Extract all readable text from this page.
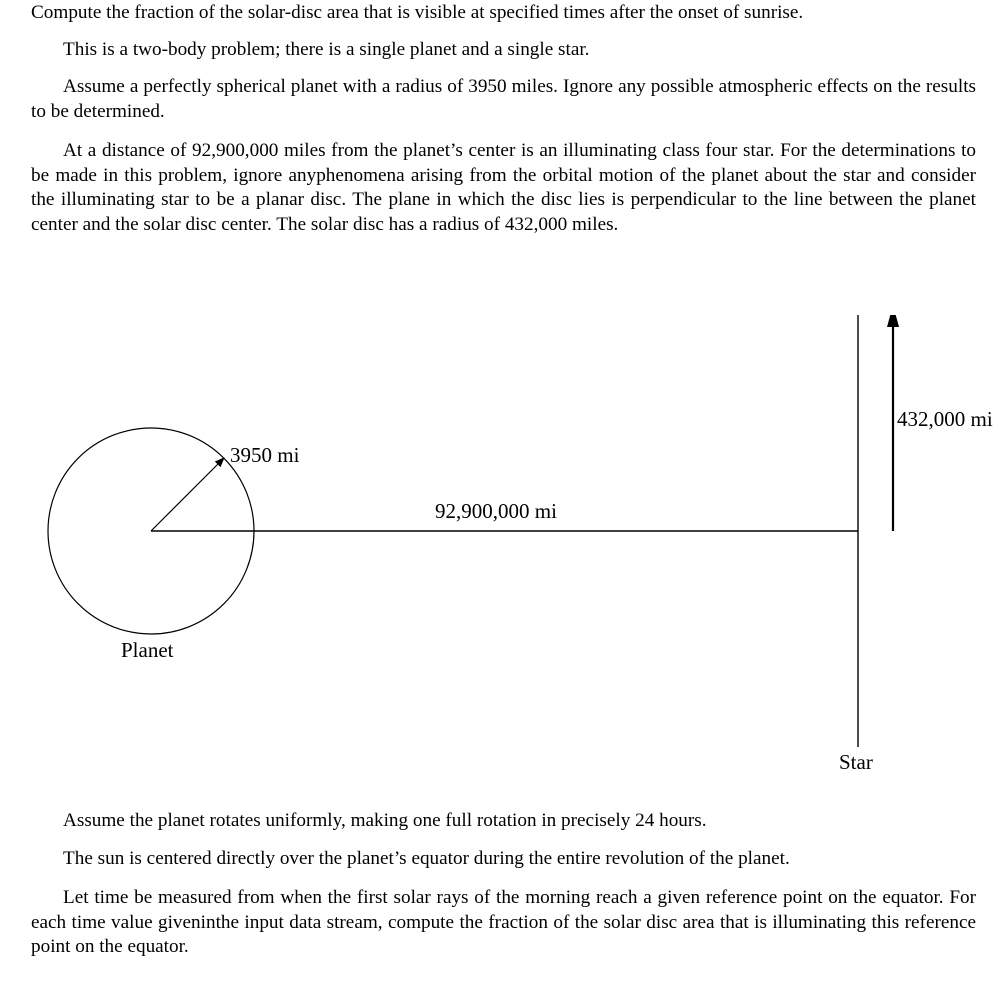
Compute the fraction of the solar-disc area that is visible at specified times after the onset of sunrise.

This is a two-body problem; there is a single planet and a single star.

Assume a perfectly spherical planet with a radius of 3950 miles. Ignore any possible atmospheric effects on the results to be determined.

At a distance of 92,900,000 miles from the planet’s center is an illuminating class four star. For the determinations to be made in this problem, ignore anyphenomena arising from the orbital motion of the planet about the star and consider the illuminating star to be a planar disc. The plane in which the disc lies is perpendicular to the line between the planet center and the solar disc center. The solar disc has a radius of 432,000 miles.

3950 mi
92,900,000 mi
432,000 mi
Planet
Star

Assume the planet rotates uniformly, making one full rotation in precisely 24 hours.

The sun is centered directly over the planet’s equator during the entire revolution of the planet.

Let time be measured from when the first solar rays of the morning reach a given reference point on the equator. For each time value giveninthe input data stream, compute the fraction of the solar disc area that is illuminating this reference point on the equator.
